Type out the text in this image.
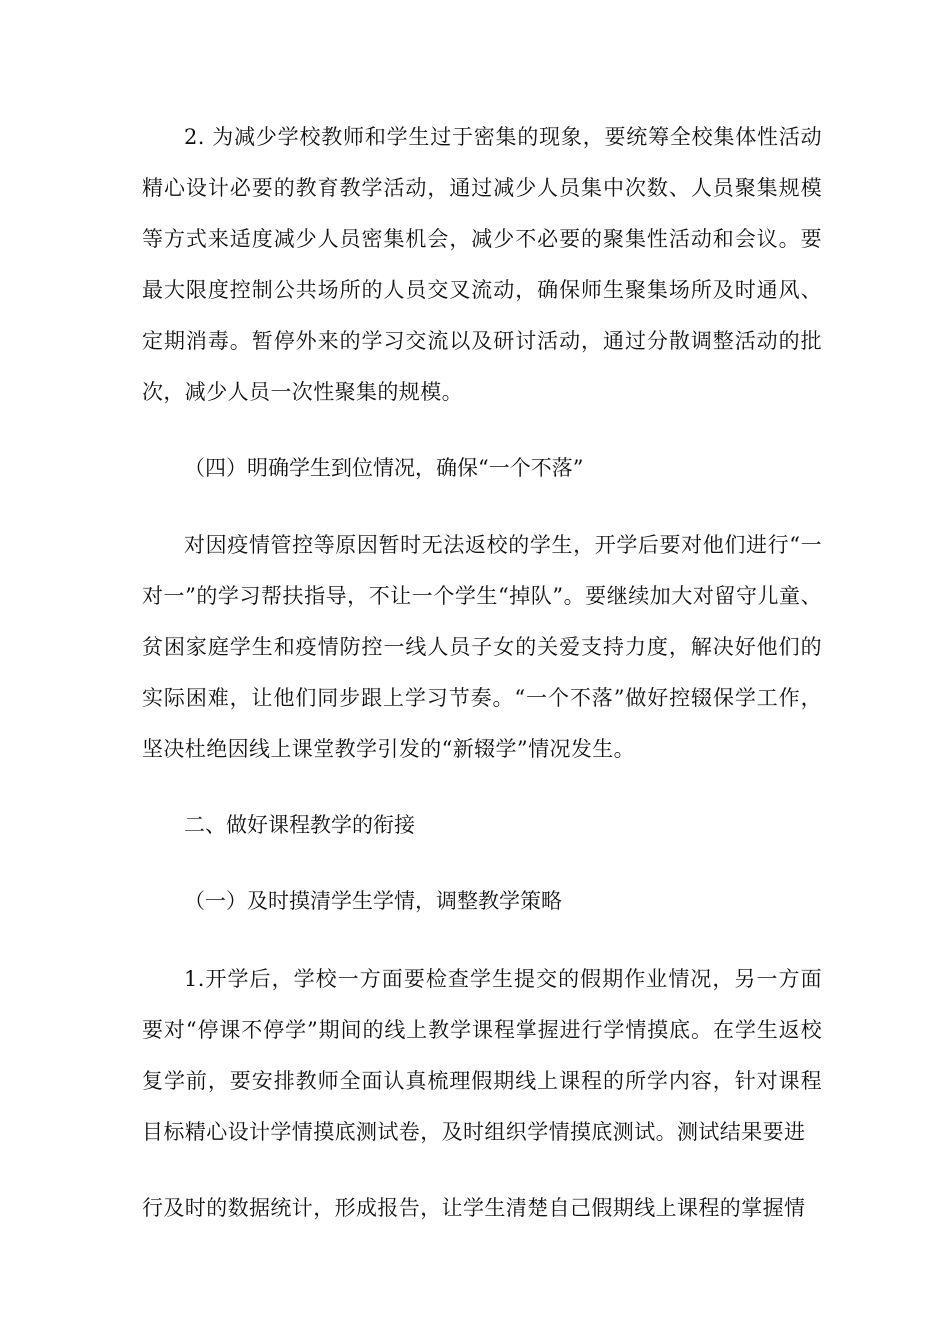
2. 为减少学校教师和学生过于密集的现象，要统筹全校集体性活动精心设计必要的教育教学活动，通过减少人员集中次数、人员聚集规模等方式来适度减少人员密集机会，减少不必要的聚集性活动和会议。要最大限度控制公共场所的人员交叉流动，确保师生聚集场所及时通风、定期消毒。暂停外来的学习交流以及研讨活动，通过分散调整活动的批次，减少人员一次性聚集的规模。

（四）明确学生到位情况，确保“一个不落”

对因疫情管控等原因暂时无法返校的学生，开学后要对他们进行“一对一”的学习帮扶指导，不让一个学生“掉队”。要继续加大对留守儿童、贫困家庭学生和疫情防控一线人员子女的关爱支持力度，解决好他们的实际困难，让他们同步跟上学习节奏。“一个不落”做好控辍保学工作，坚决杜绝因线上课堂教学引发的“新辍学”情况发生。

二、做好课程教学的衔接

（一）及时摸清学生学情，调整教学策略

1.开学后，学校一方面要检查学生提交的假期作业情况，另一方面要对“停课不停学”期间的线上教学课程掌握进行学情摸底。在学生返校复学前，要安排教师全面认真梳理假期线上课程的所学内容，针对课程目标精心设计学情摸底测试卷，及时组织学情摸底测试。测试结果要进

行及时的数据统计，形成报告，让学生清楚自己假期线上课程的掌握情
